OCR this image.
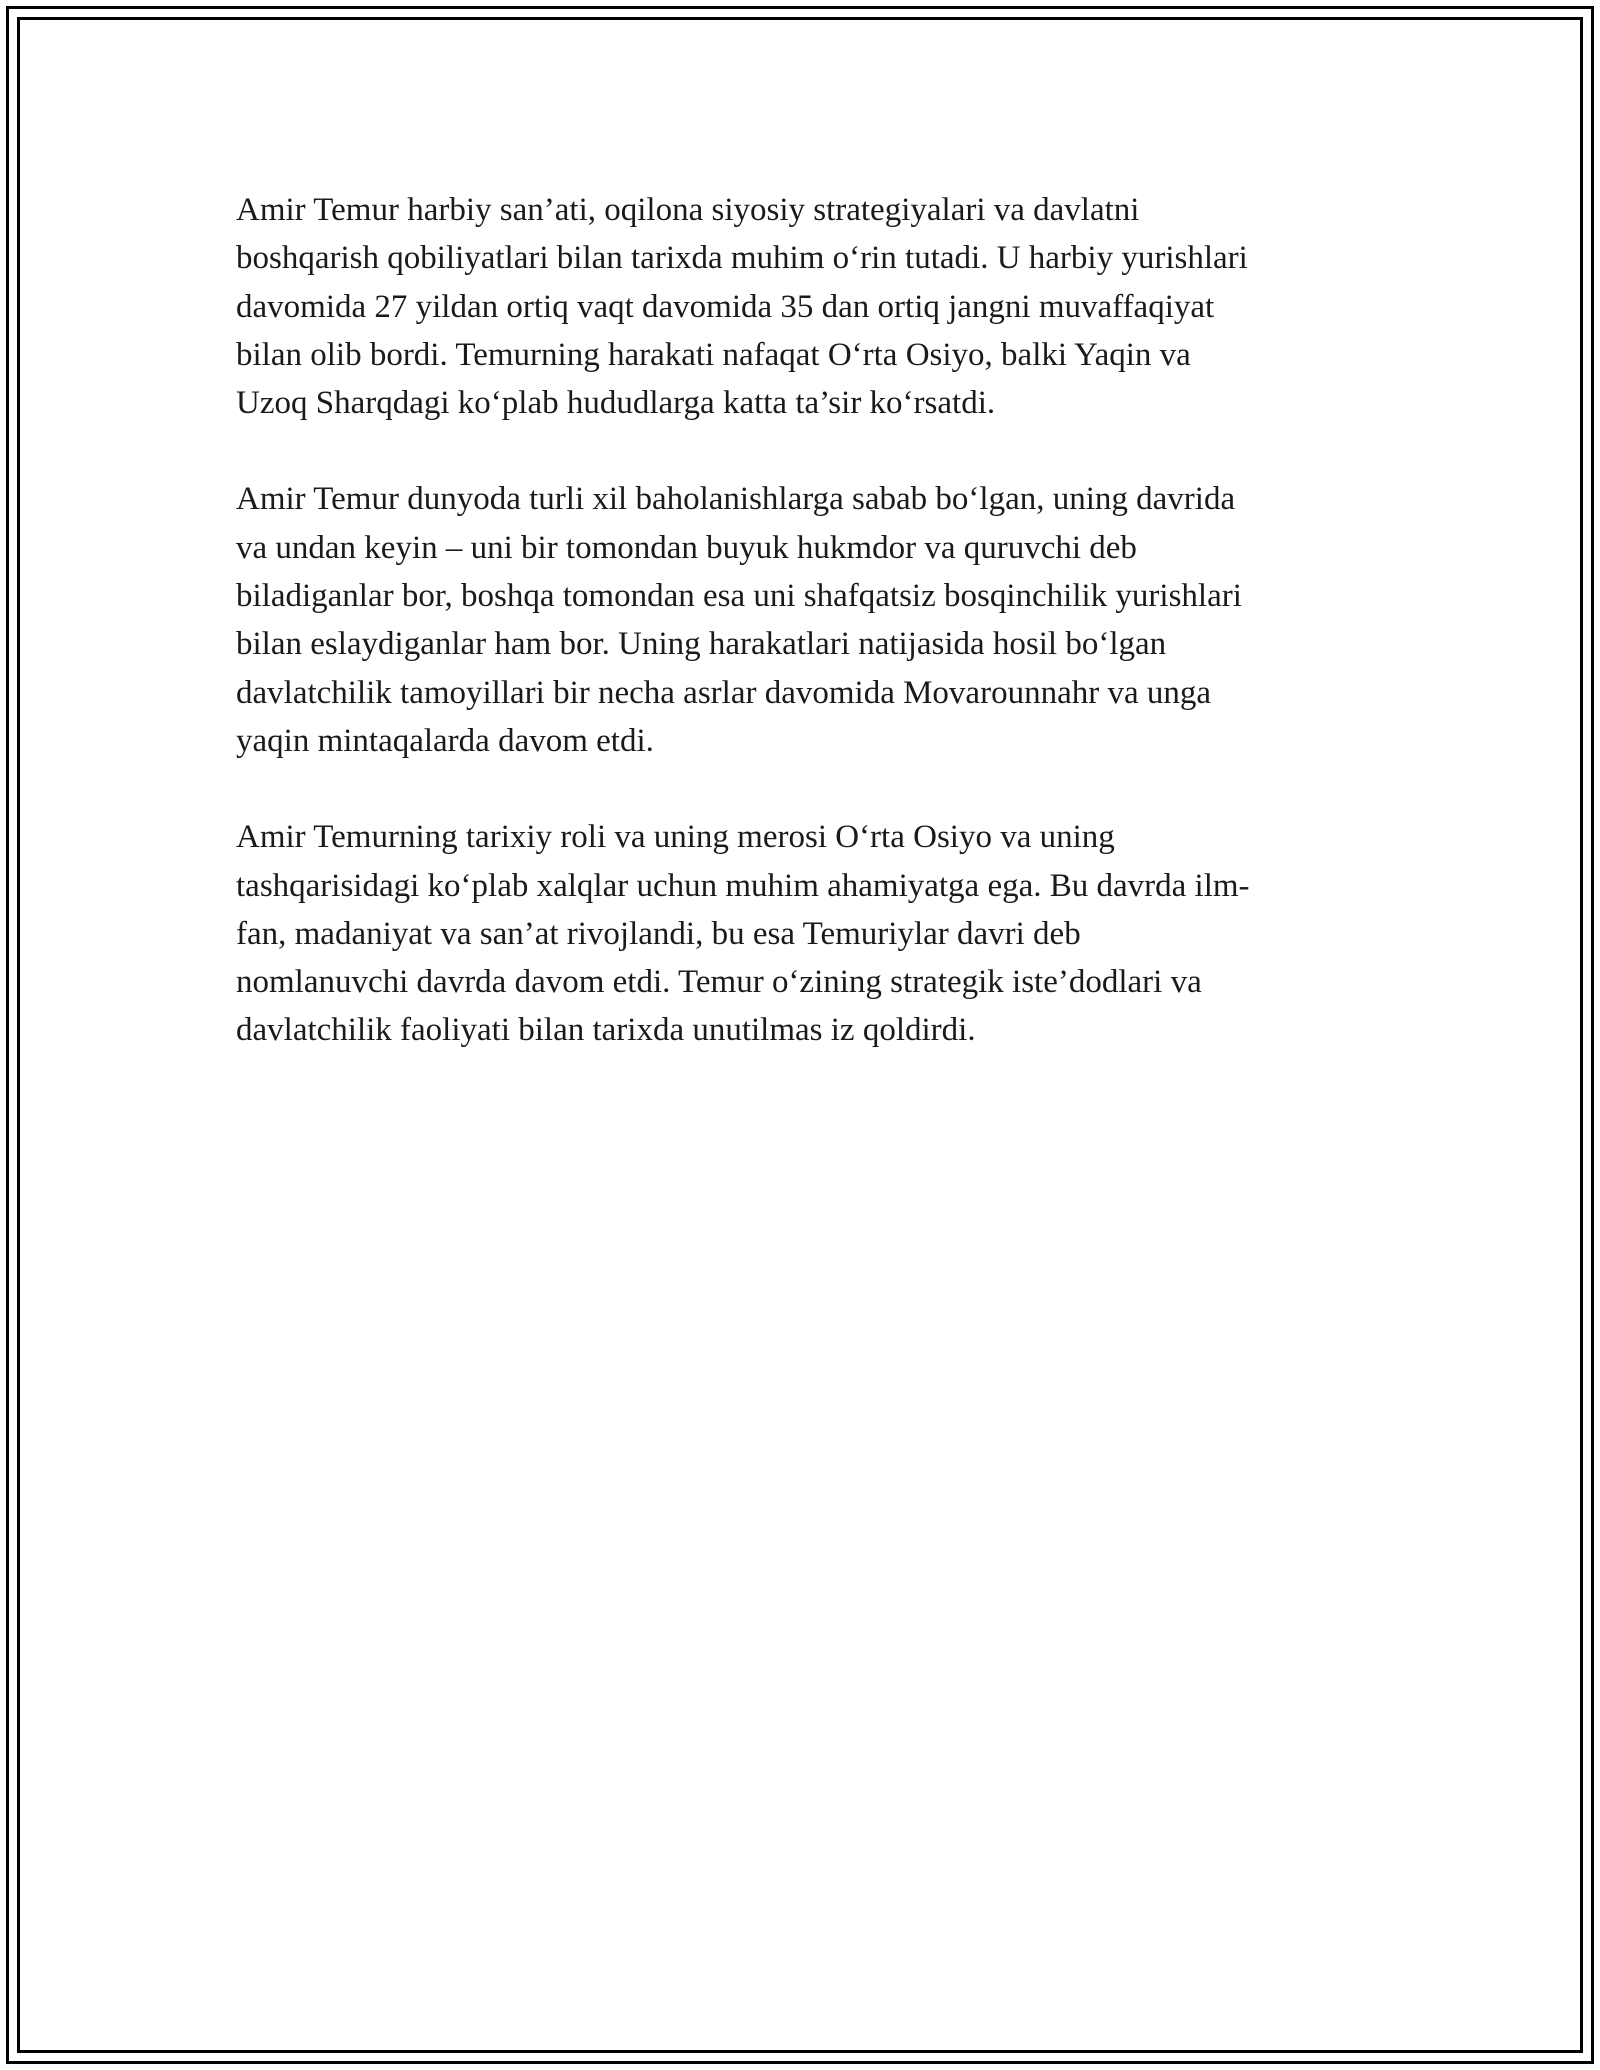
Amir Temur harbiy san’ati, oqilona siyosiy strategiyalari va davlatni
boshqarish qobiliyatlari bilan tarixda muhim oʻrin tutadi. U harbiy yurishlari
davomida 27 yildan ortiq vaqt davomida 35 dan ortiq jangni muvaffaqiyat
bilan olib bordi. Temurning harakati nafaqat Oʻrta Osiyo, balki Yaqin va
Uzoq Sharqdagi koʻplab hududlarga katta ta’sir koʻrsatdi.

Amir Temur dunyoda turli xil baholanishlarga sabab boʻlgan, uning davrida
va undan keyin – uni bir tomondan buyuk hukmdor va quruvchi deb
biladiganlar bor, boshqa tomondan esa uni shafqatsiz bosqinchilik yurishlari
bilan eslaydiganlar ham bor. Uning harakatlari natijasida hosil boʻlgan
davlatchilik tamoyillari bir necha asrlar davomida Movarounnahr va unga
yaqin mintaqalarda davom etdi.

Amir Temurning tarixiy roli va uning merosi Oʻrta Osiyo va uning
tashqarisidagi koʻplab xalqlar uchun muhim ahamiyatga ega. Bu davrda ilm-
fan, madaniyat va san’at rivojlandi, bu esa Temuriylar davri deb
nomlanuvchi davrda davom etdi. Temur oʻzining strategik iste’dodlari va
davlatchilik faoliyati bilan tarixda unutilmas iz qoldirdi.
